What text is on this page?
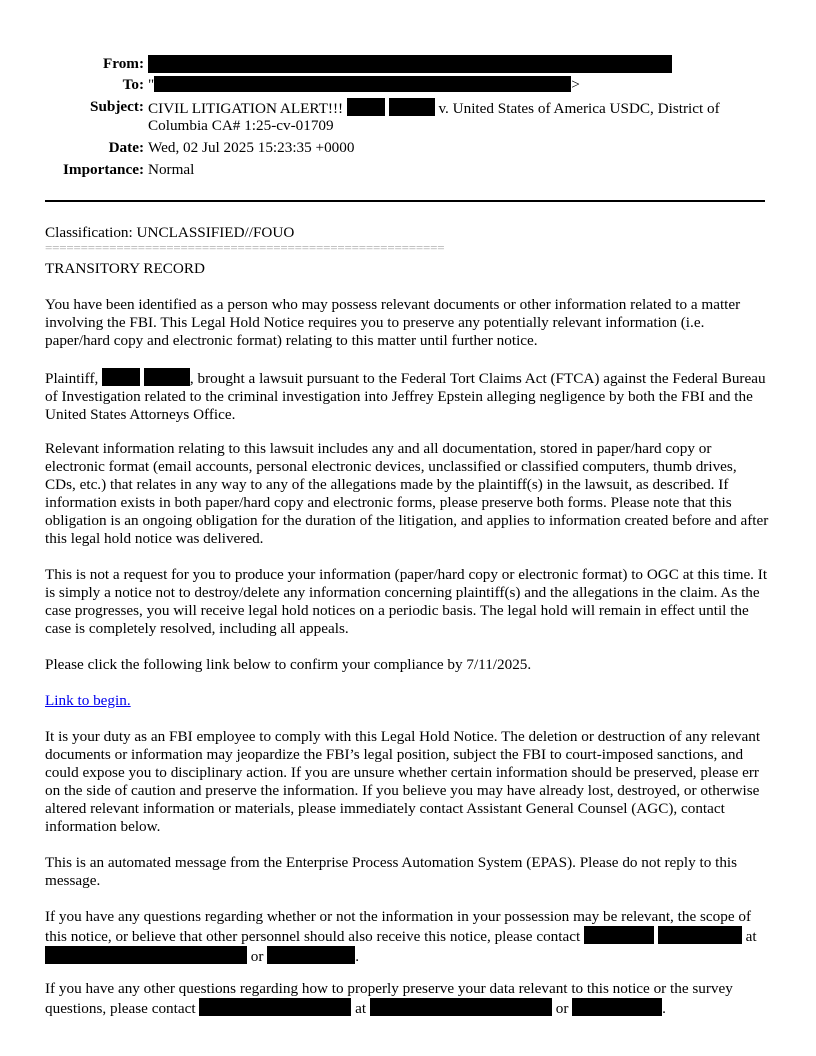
From:
To: "	>
Subject: CIVIL LITIGATION ALERT!!!	v. United States of America USDC, District of
Columbia CA# 1:25-cv-01709
Date: Wed, 02 Jul 2025 15:23:35 +0000
Importance: Normal
Classification: UNCLASSIFIED//FOUO
========================================================
TRANSITORY RECORD

You have been identified as a person who may possess relevant documents or other information related to a matter involving the FBI. This Legal Hold Notice requires you to preserve any potentially relevant information (i.e. paper/hard copy and electronic format) relating to this matter until further notice.

Plaintiff,	, brought a lawsuit pursuant to the Federal Tort Claims Act (FTCA) against the Federal Bureau of Investigation related to the criminal investigation into Jeffrey Epstein alleging negligence by both the FBI and the United States Attorneys Office.

Relevant information relating to this lawsuit includes any and all documentation, stored in paper/hard copy or electronic format (email accounts, personal electronic devices, unclassified or classified computers, thumb drives, CDs, etc.) that relates in any way to any of the allegations made by the plaintiff(s) in the lawsuit, as described. If information exists in both paper/hard copy and electronic forms, please preserve both forms. Please note that this obligation is an ongoing obligation for the duration of the litigation, and applies to information created before and after this legal hold notice was delivered.

This is not a request for you to produce your information (paper/hard copy or electronic format) to OGC at this time. It is simply a notice not to destroy/delete any information concerning plaintiff(s) and the allegations in the claim. As the case progresses, you will receive legal hold notices on a periodic basis. The legal hold will remain in effect until the case is completely resolved, including all appeals.

Please click the following link below to confirm your compliance by 7/11/2025.

Link to begin.

It is your duty as an FBI employee to comply with this Legal Hold Notice. The deletion or destruction of any relevant documents or information may jeopardize the FBI’s legal position, subject the FBI to court-imposed sanctions, and could expose you to disciplinary action. If you are unsure whether certain information should be preserved, please err on the side of caution and preserve the information. If you believe you may have already lost, destroyed, or otherwise altered relevant information or materials, please immediately contact Assistant General Counsel (AGC), contact information below.

This is an automated message from the Enterprise Process Automation System (EPAS). Please do not reply to this message.

If you have any questions regarding whether or not the information in your possession may be relevant, the scope of this notice, or believe that other personnel should also receive this notice, please contact	at  or	.

If you have any other questions regarding how to properly preserve your data relevant to this notice or the survey questions, please contact	at	or	.
